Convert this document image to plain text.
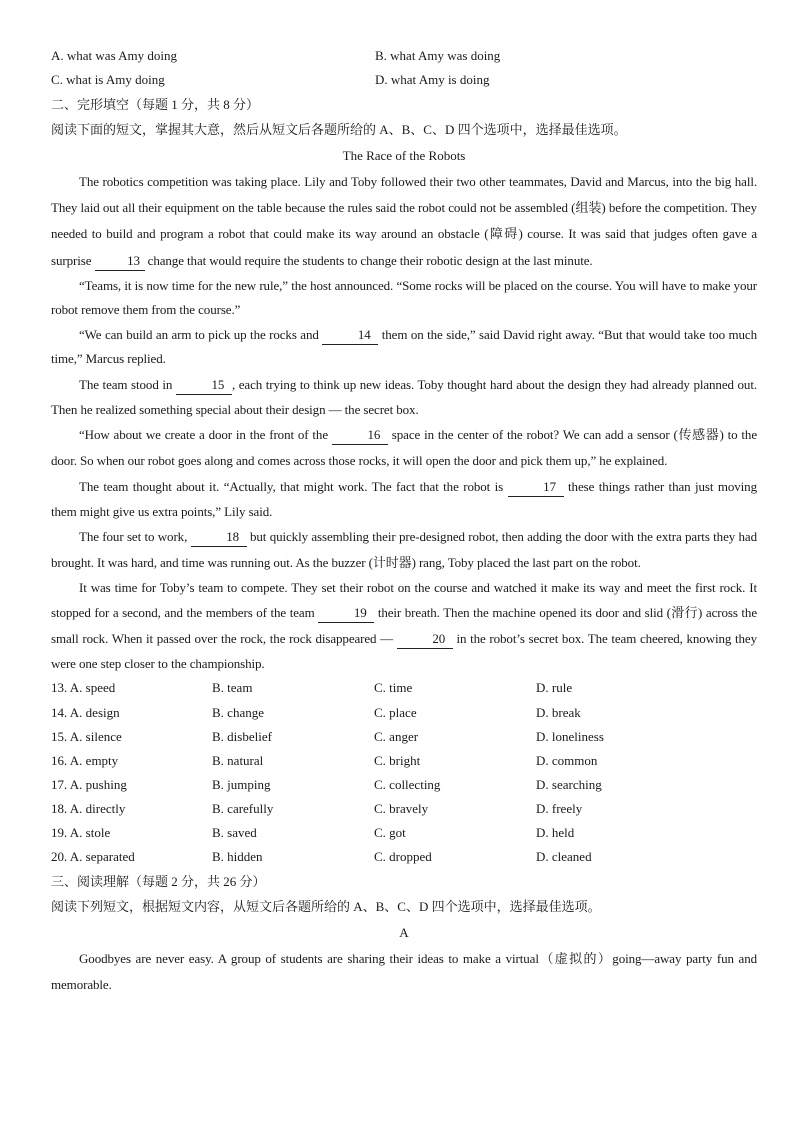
A. what was Amy doing	B. what Amy was doing
C. what is Amy doing	D. what Amy is doing
二、完形填空（每题 1 分，共 8 分）
阅读下面的短文，掌握其大意，然后从短文后各题所给的 A、B、C、D 四个选项中，选择最佳选项。
The Race of the Robots

The robotics competition was taking place. Lily and Toby followed their two other teammates, David and Marcus, into the big hall. They laid out all their equipment on the table because the rules said the robot could not be assembled (组装) before the competition. They needed to build and program a robot that could make its way around an obstacle (障碍) course. It was said that judges often gave a surprise	13 change that would require the students to change their robotic design at the last minute.

“Teams, it is now time for the new rule,” the host announced. “Some rocks will be placed on the course. You will have to make your robot remove them from the course.”

“We can build an arm to pick up the rocks and	14 them on the side,” said David right away. “But that would take too much time,” Marcus replied.

The team stood in	15 , each trying to think up new ideas. Toby thought hard about the design they had already planned out. Then he realized something special about their design — the secret box.

“How about we create a door in the front of the	16 space in the center of the robot? We can add a sensor (传感器) to the door. So when our robot goes along and comes across those rocks, it will open the door and pick them up,” he explained.

The team thought about it. “Actually, that might work. The fact that the robot is	17 these things rather than just moving them might give us extra points,” Lily said.

The four set to work,	18 but quickly assembling their pre-designed robot, then adding the door with the extra parts they had brought. It was hard, and time was running out. As the buzzer (计时器) rang, Toby placed the last part on the robot.

It was time for Toby’s team to compete. They set their robot on the course and watched it make its way and meet the first rock. It stopped for a second, and the members of the team	19 their breath. Then the machine opened its door and slid (滑行) across the small rock. When it passed over the rock, the rock disappeared —	20 in the robot’s secret box. The team cheered, knowing they were one step closer to the championship.

13. A. speed	B. team	C. time	D. rule
14. A. design	B. change	C. place	D. break
15. A. silence	B. disbelief	C. anger	D. loneliness
16. A. empty	B. natural	C. bright	D. common
17. A. pushing	B. jumping	C. collecting	D. searching
18. A. directly	B. carefully	C. bravely	D. freely
19. A. stole	B. saved	C. got	D. held
20. A. separated	B. hidden	C. dropped	D. cleaned
三、阅读理解（每题 2 分，共 26 分）
阅读下列短文，根据短文内容，从短文后各题所给的 A、B、C、D 四个选项中，选择最佳选项。
A

Goodbyes are never easy. A group of students are sharing their ideas to make a virtual（虚拟的）going—away party fun and memorable.
